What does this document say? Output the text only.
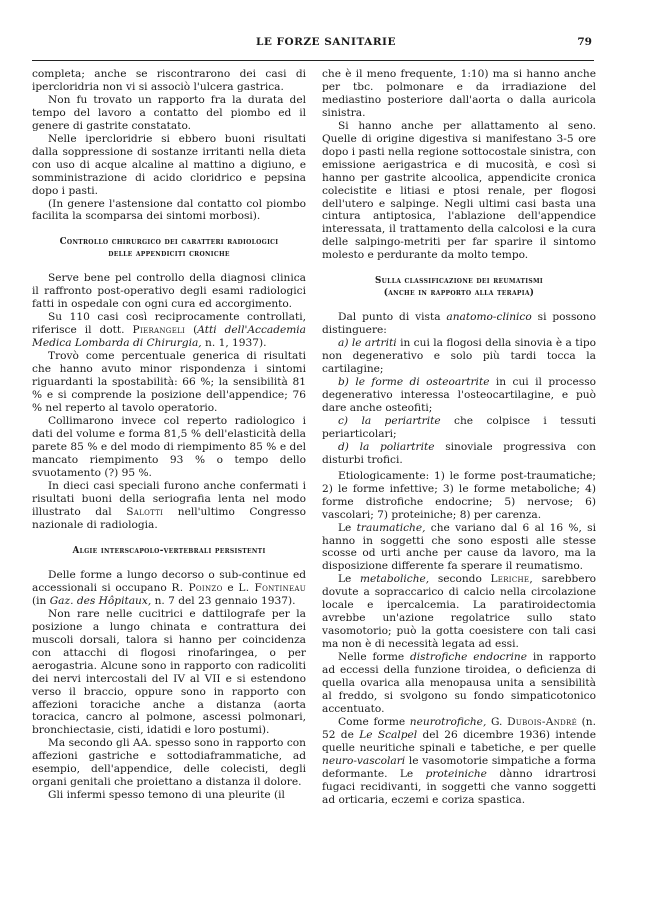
LE FORZE SANITARIE	79

completa; anche se riscontrarono dei casi di ipercloridria non vi si associò l'ulcera gastrica.

Non fu trovato un rapporto fra la durata del tempo del lavoro a contatto del piombo ed il genere di gastrite constatato.

Nelle ipercloridrie si ebbero buoni risultati dalla soppressione di sostanze irritanti nella dieta con uso di acque alcaline al mattino a digiuno, e somministrazione di acido cloridrico e pepsina dopo i pasti.

(In genere l'astensione dal contatto col piombo facilita la scomparsa dei sintomi morbosi).

Controllo chirurgico dei caratteri radiologici
delle appendiciti croniche

Serve bene pel controllo della diagnosi clinica il raffronto post-operativo degli esami radiologici fatti in ospedale con ogni cura ed accorgimento.

Su 110 casi così reciprocamente controllati, riferisce il dott. Pierangeli (Atti dell'Accademia Medica Lombarda di Chirurgia, n. 1, 1937).

Trovò come percentuale generica di risultati che hanno avuto minor rispondenza i sintomi riguardanti la spostabilità: 66 %; la sensibilità 81 % e si comprende la posizione dell'appendice; 76 % nel reperto al tavolo operatorio.

Collimarono invece col reperto radiologico i dati del volume e forma 81,5 % dell'elasticità della parete 85 % e del modo di riempimento 85 % e del mancato riempimento 93 % o tempo dello svuotamento (?) 95 %.

In dieci casi speciali furono anche confermati i risultati buoni della seriografia lenta nel modo illustrato dal Salotti nell'ultimo Congresso nazionale di radiologia.

Algie interscapolo-vertebrali persistenti

Delle forme a lungo decorso o sub-continue ed accessionali si occupano R. Poinzo e L. Fontineau (in Gaz. des Hôpitaux, n. 7 del 23 gennaio 1937).

Non rare nelle cucitrici e dattilografe per la posizione a lungo chinata e contrattura dei muscoli dorsali, talora si hanno per coincidenza con attacchi di flogosi rinofaringea, o per aerogastria. Alcune sono in rapporto con radicoliti dei nervi intercostali del IV al VII e si estendono verso il braccio, oppure sono in rapporto con affezioni toraciche anche a distanza (aorta toracica, cancro al polmone, ascessi polmonari, bronchiectasie, cisti, idatidi e loro postumi).

Ma secondo gli AA. spesso sono in rapporto con affezioni gastriche e sottodiaframmatiche, ad esempio, dell'appendice, delle colecisti, degli organi genitali che proiettano a distanza il dolore.

Gli infermi spesso temono di una pleurite (il

che è il meno frequente, 1:10) ma si hanno anche per tbc. polmonare e da irradiazione del mediastino posteriore dall'aorta o dalla auricola sinistra.

Si hanno anche per allattamento al seno. Quelle di origine digestiva si manifestano 3-5 ore dopo i pasti nella regione sottocostale sinistra, con emissione aerigastrica e di mucosità, e così si hanno per gastrite alcoolica, appendicite cronica colecistite e litiasi e ptosi renale, per flogosi dell'utero e salpinge. Negli ultimi casi basta una cintura antiptosica, l'ablazione dell'appendice interessata, il trattamento della calcolosi e la cura delle salpingo-metriti per far sparire il sintomo molesto e perdurante da molto tempo.

Sulla classificazione dei reumatismi
(anche in rapporto alla terapia)

Dal punto di vista anatomo-clinico si possono distinguere:

a) le artriti in cui la flogosi della sinovia è a tipo non degenerativo e solo più tardi tocca la cartilagine;

b) le forme di osteoartrite in cui il processo degenerativo interessa l'osteocartilagine, e può dare anche osteofiti;

c) la periartrite che colpisce i tessuti periarticolari;

d) la poliartrite sinoviale progressiva con disturbi trofici.

Etiologicamente: 1) le forme post-traumatiche; 2) le forme infettive; 3) le forme metaboliche; 4) forme distrofiche endocrine; 5) nervose; 6) vascolari; 7) proteiniche; 8) per carenza.

Le traumatiche, che variano dal 6 al 16 %, si hanno in soggetti che sono esposti alle stesse scosse od urti anche per cause da lavoro, ma la disposizione differente fa sperare il reumatismo.

Le metaboliche, secondo Leriche, sarebbero dovute a sopraccarico di calcio nella circolazione locale e ipercalcemia. La paratiroidectomia avrebbe un'azione regolatrice sullo stato vasomotorio; può la gotta coesistere con tali casi ma non è di necessità legata ad essi.

Nelle forme distrofiche endocrine in rapporto ad eccessi della funzione tiroidea, o deficienza di quella ovarica alla menopausa unita a sensibilità al freddo, si svolgono su fondo simpaticotonico accentuato.

Come forme neurotrofiche, G. Dubois-André (n. 52 de Le Scalpel del 26 dicembre 1936) intende quelle neuritiche spinali e tabetiche, e per quelle neuro-vascolari le vasomotorie simpatiche a forma deformante. Le proteiniche dànno idrartrosi fugaci recidivanti, in soggetti che vanno soggetti ad orticaria, eczemi e coriza spastica.
